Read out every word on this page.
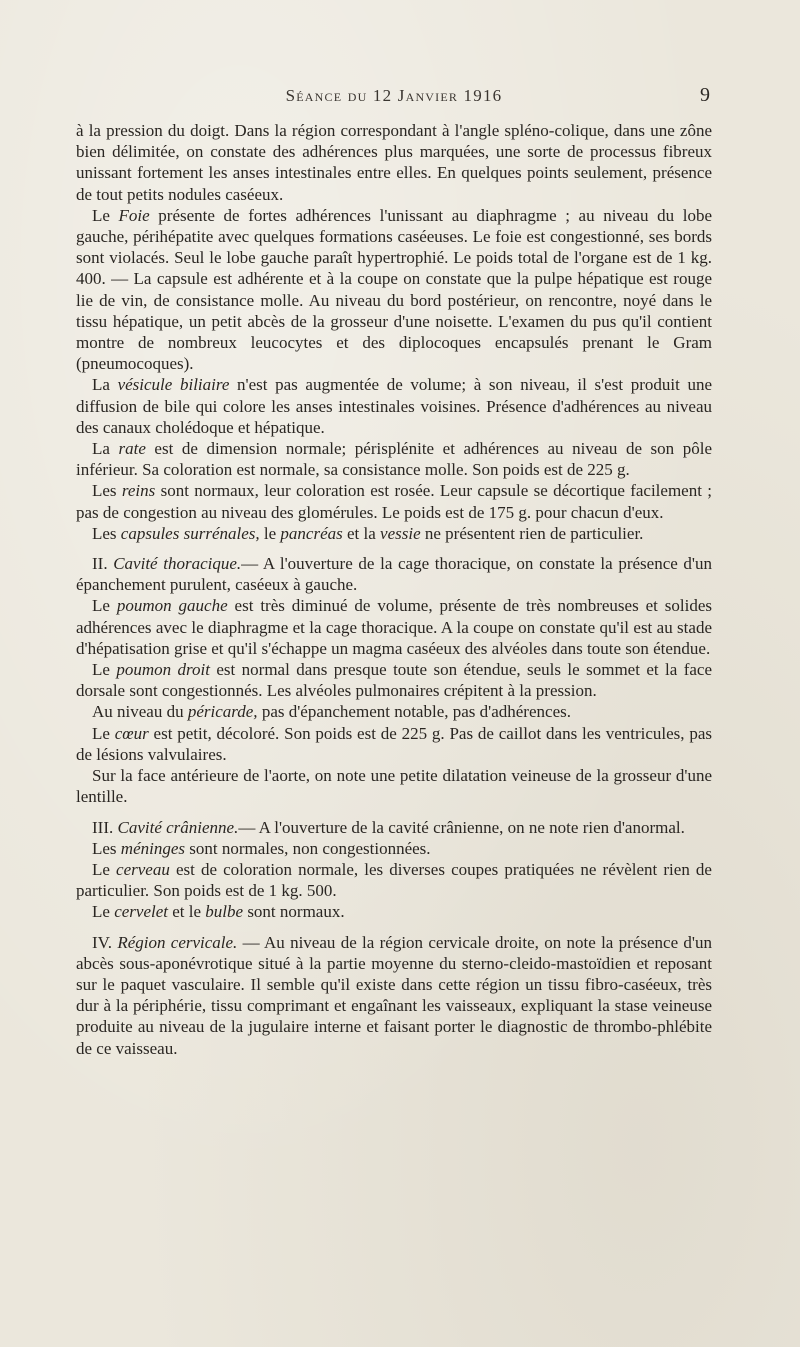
Séance du 12 Janvier 1916	9

à la pression du doigt. Dans la région correspondant à l'angle spléno-colique, dans une zône bien délimitée, on constate des adhérences plus marquées, une sorte de processus fibreux unissant fortement les anses intestinales entre elles. En quelques points seulement, présence de tout petits nodules caséeux.

Le Foie présente de fortes adhérences l'unissant au diaphragme ; au niveau du lobe gauche, périhépatite avec quelques formations caséeuses. Le foie est congestionné, ses bords sont violacés. Seul le lobe gauche paraît hypertrophié. Le poids total de l'organe est de 1 kg. 400. — La capsule est adhérente et à la coupe on constate que la pulpe hépatique est rouge lie de vin, de consistance molle. Au niveau du bord postérieur, on rencontre, noyé dans le tissu hépatique, un petit abcès de la grosseur d'une noisette. L'examen du pus qu'il contient montre de nombreux leucocytes et des diplocoques encapsulés prenant le Gram (pneumocoques).

La vésicule biliaire n'est pas augmentée de volume; à son niveau, il s'est produit une diffusion de bile qui colore les anses intestinales voisines. Présence d'adhérences au niveau des canaux cholédoque et hépatique.

La rate est de dimension normale; périsplénite et adhérences au niveau de son pôle inférieur. Sa coloration est normale, sa consistance molle. Son poids est de 225 g.

Les reins sont normaux, leur coloration est rosée. Leur capsule se décortique facilement ; pas de congestion au niveau des glomérules. Le poids est de 175 g. pour chacun d'eux.

Les capsules surrénales, le pancréas et la vessie ne présentent rien de particulier.

II. Cavité thoracique.— A l'ouverture de la cage thoracique, on constate la présence d'un épanchement purulent, caséeux à gauche.

Le poumon gauche est très diminué de volume, présente de très nombreuses et solides adhérences avec le diaphragme et la cage thoracique. A la coupe on constate qu'il est au stade d'hépatisation grise et qu'il s'échappe un magma caséeux des alvéoles dans toute son étendue.

Le poumon droit est normal dans presque toute son étendue, seuls le sommet et la face dorsale sont congestionnés. Les alvéoles pulmonaires crépitent à la pression.

Au niveau du péricarde, pas d'épanchement notable, pas d'adhérences.

Le cœur est petit, décoloré. Son poids est de 225 g. Pas de caillot dans les ventricules, pas de lésions valvulaires.

Sur la face antérieure de l'aorte, on note une petite dilatation veineuse de la grosseur d'une lentille.

III. Cavité crânienne.— A l'ouverture de la cavité crânienne, on ne note rien d'anormal.

Les méninges sont normales, non congestionnées.

Le cerveau est de coloration normale, les diverses coupes pratiquées ne révèlent rien de particulier. Son poids est de 1 kg. 500.

Le cervelet et le bulbe sont normaux.

IV. Région cervicale. — Au niveau de la région cervicale droite, on note la présence d'un abcès sous-aponévrotique situé à la partie moyenne du sterno-cleido-mastoïdien et reposant sur le paquet vasculaire. Il semble qu'il existe dans cette région un tissu fibro-caséeux, très dur à la périphérie, tissu comprimant et engaînant les vaisseaux, expliquant la stase veineuse produite au niveau de la jugulaire interne et faisant porter le diagnostic de thrombo-phlébite de ce vaisseau.
